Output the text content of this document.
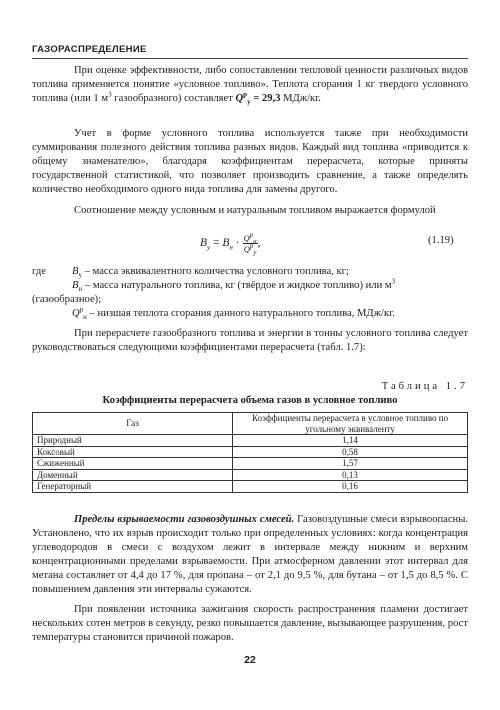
ГАЗОРАСПРЕДЕЛЕНИЕ

При оценке эффективности, либо сопоставлении тепловой ценности различных видов топлива применяется понятие «условное топливо». Теплота сгорания 1 кг твердого условного топлива (или 1 $м^3$ газообразного) составляет $Q^р_у = 29,3$ МДж/кг.

Учет в форме условного топлива используется также при необходимости суммирования полезного действия топлива разных видов. Каждый вид топлива «приводится к общему знаменателю», благодаря коэффициентам перерасчета, которые приняты государственной статистикой, что позволяет производить сравнение, а также определять количество необходимого одного вида топлива для замены другого.

Соотношение между условным и натуральным топливом выражается формулой

$B_у = B_н \cdot \frac{Q^р_н}{Q^р_у}$ ,	(1.19)
где $B_у$ – масса эквивалентного количества условного топлива, кг;
$B_н$ – масса натурального топлива, кг (твёрдое и жидкое топливо) или $м^3$
(газообразное);
$Q^р_н$ – низшая теплота сгорания данного натурального топлива, МДж/кг.

При перерасчете газообразного топлива и энергии в тонны условного топлива следует руководствоваться следующими коэффициентами перерасчета (табл. 1.7):

Таблица 1.7
Коэффициенты перерасчета объема газов в условное топливо
Газ	Коэффициенты перерасчета в условное топливо по угольному эквиваленту
Природный	1,14
Коксовый	0,58
Сжиженный	1,57
Доменный	0,13
Генераторный	0,16

Пределы взрываемости газовоздушных смесей. Газовоздушные смеси взрывоопасны. Установлено, что их взрыв происходит только при определенных условиях: когда концентрация углеводородов в смеси с воздухом лежит в интервале между нижним и верхним концентрационными пределами взрываемости. При атмосферном давлении этот интервал для метана составляет от 4,4 до 17 %, для пропана – от 2,1 до 9,5 %, для бутана – от 1,5 до 8,5 %. С повышением давления эти интервалы сужаются.

При появлении источника зажигания скорость распространения пламени достигает нескольких сотен метров в секунду, резко повышается давление, вызывающее разрушения, рост температуры становится причиной пожаров.

22
